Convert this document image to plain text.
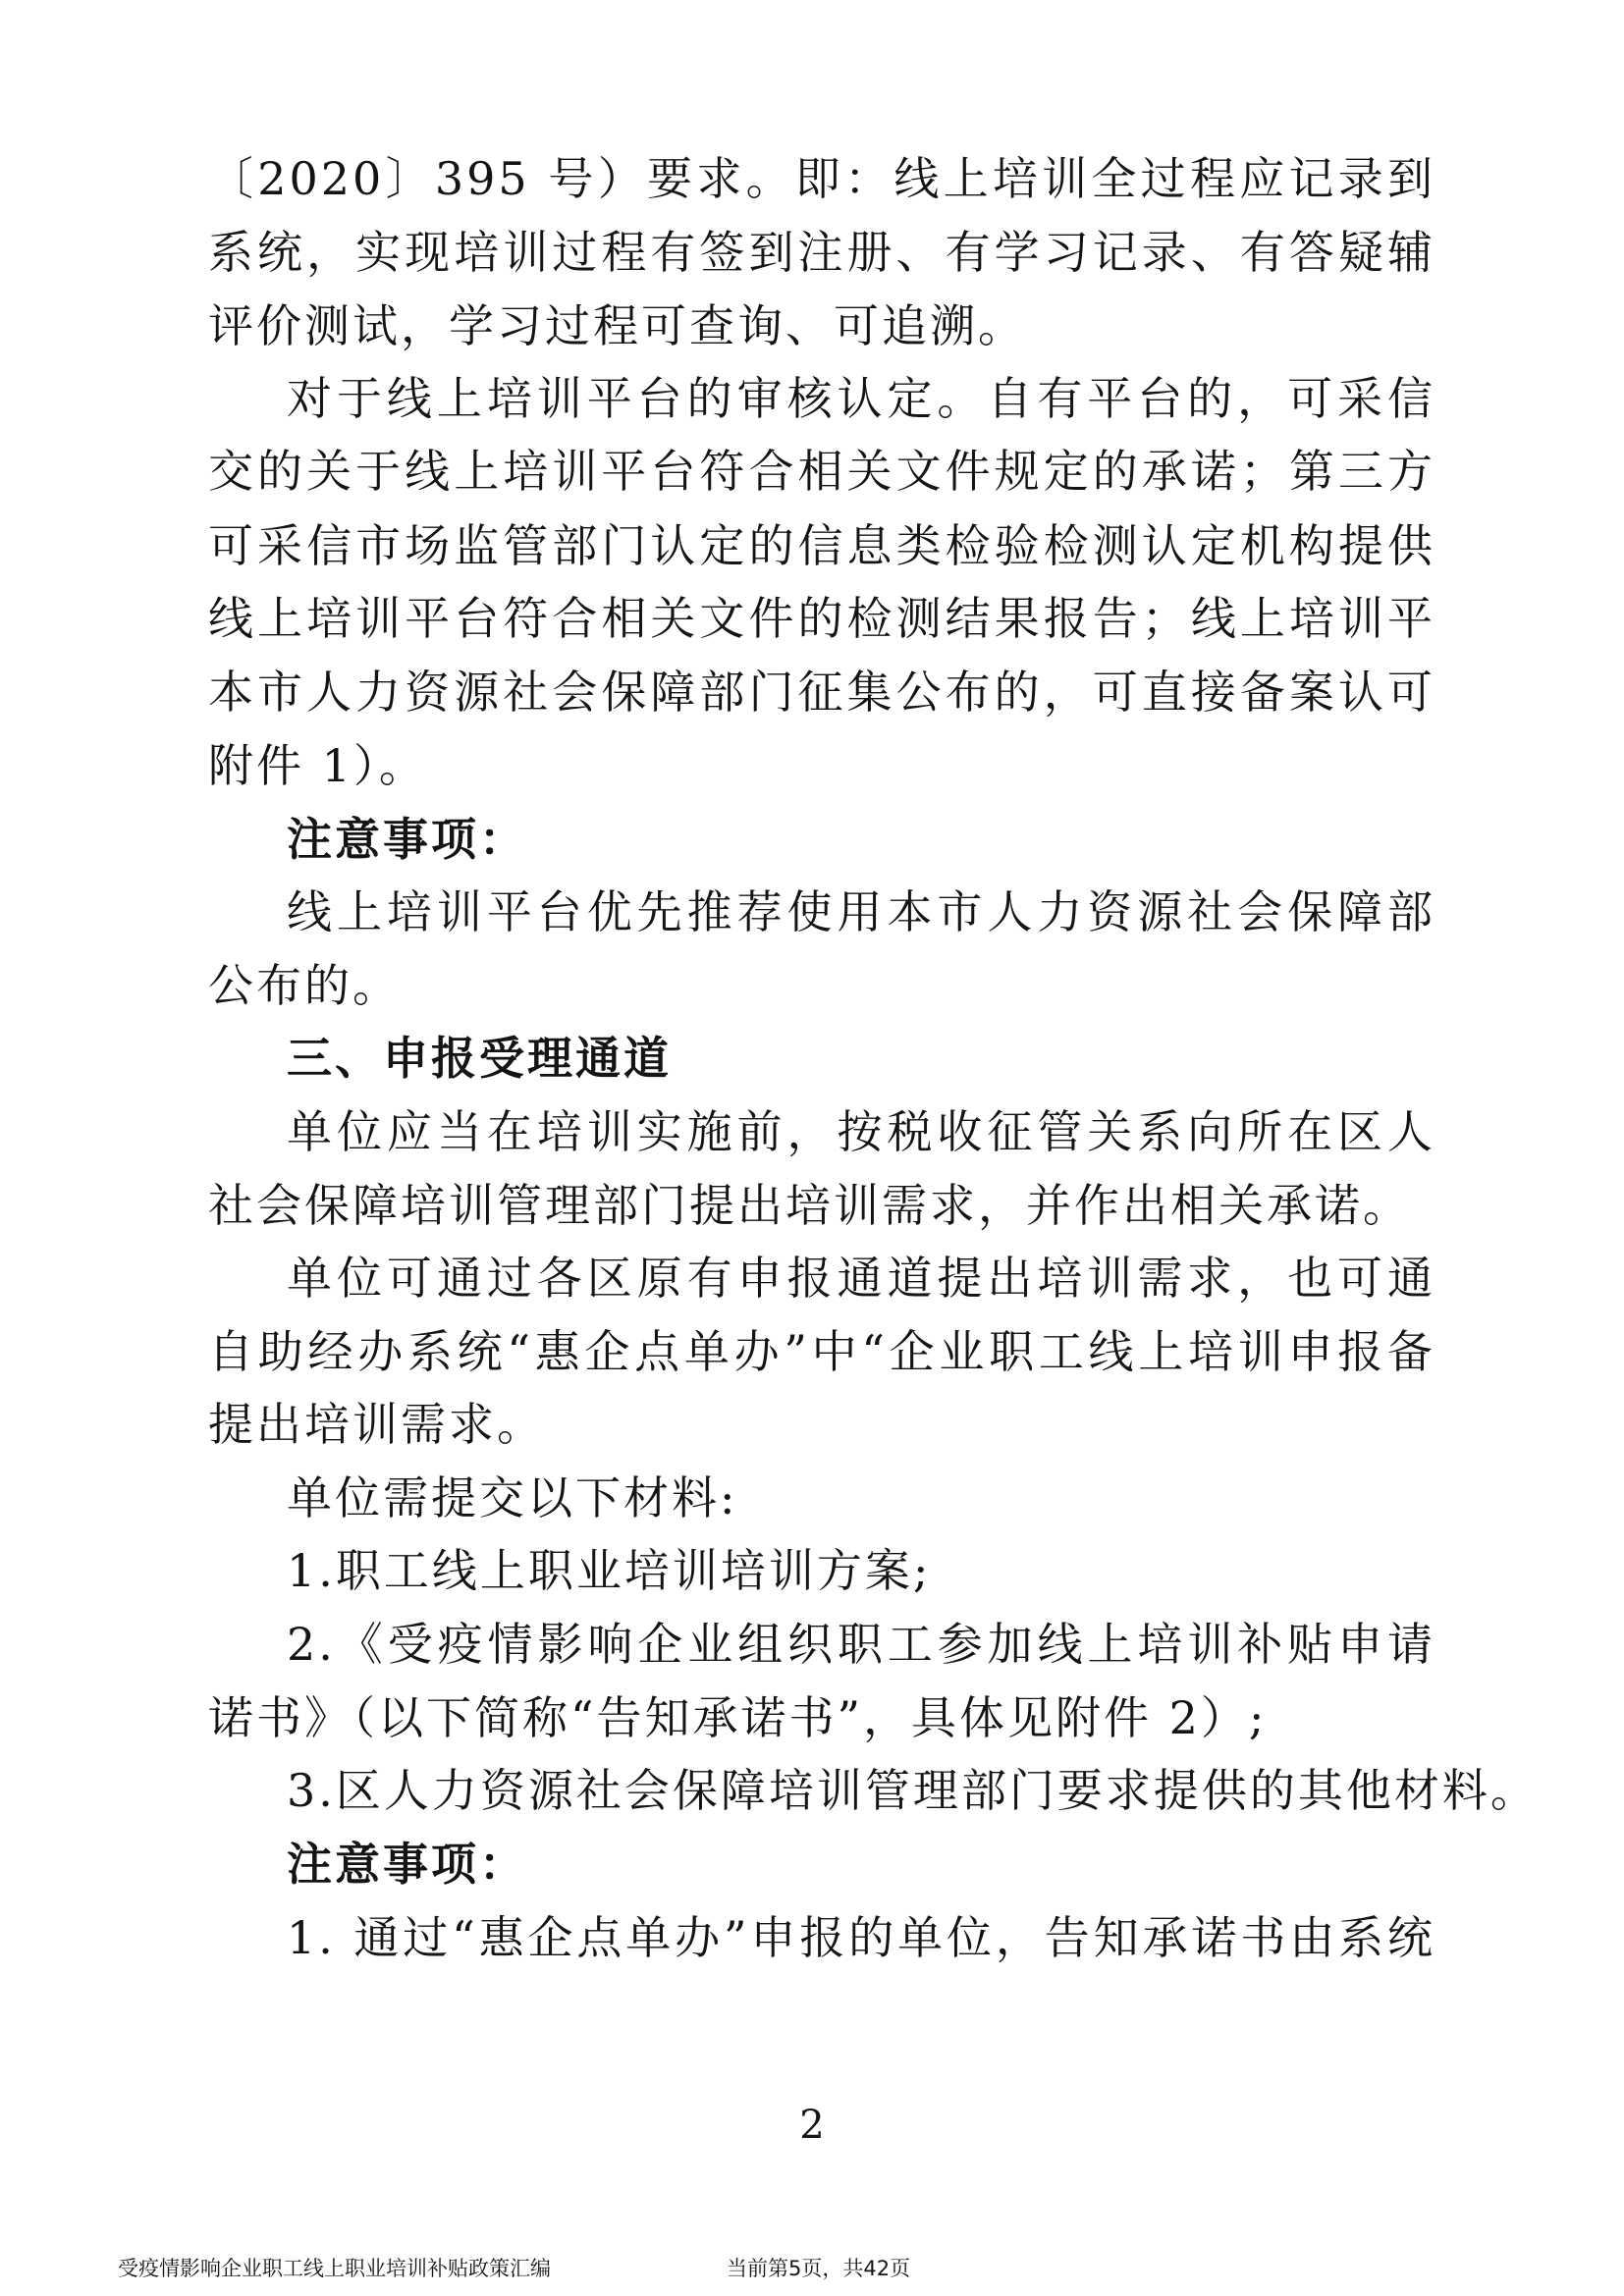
〔2020〕395 号）要求。即：线上培训全过程应记录到
系统，实现培训过程有签到注册、有学习记录、有答疑辅
评价测试，学习过程可查询、可追溯。
对于线上培训平台的审核认定。自有平台的，可采信
交的关于线上培训平台符合相关文件规定的承诺；第三方
可采信市场监管部门认定的信息类检验检测认定机构提供
线上培训平台符合相关文件的检测结果报告；线上培训平
本市人力资源社会保障部门征集公布的，可直接备案认可
附件 1）。
注意事项：
线上培训平台优先推荐使用本市人力资源社会保障部
公布的。
三、申报受理通道
单位应当在培训实施前，按税收征管关系向所在区人
社会保障培训管理部门提出培训需求，并作出相关承诺。
单位可通过各区原有申报通道提出培训需求，也可通
自助经办系统“惠企点单办”中“企业职工线上培训申报备
提出培训需求。
单位需提交以下材料:
1.职工线上职业培训培训方案;
2.《受疫情影响企业组织职工参加线上培训补贴申请
诺书》（以下简称“告知承诺书”，具体见附件 2）;
3.区人力资源社会保障培训管理部门要求提供的其他材料。
注意事项：
1. 通过“惠企点单办”申报的单位，告知承诺书由系统
2
受疫情影响企业职工线上职业培训补贴政策汇编	当前第5页，共42页
